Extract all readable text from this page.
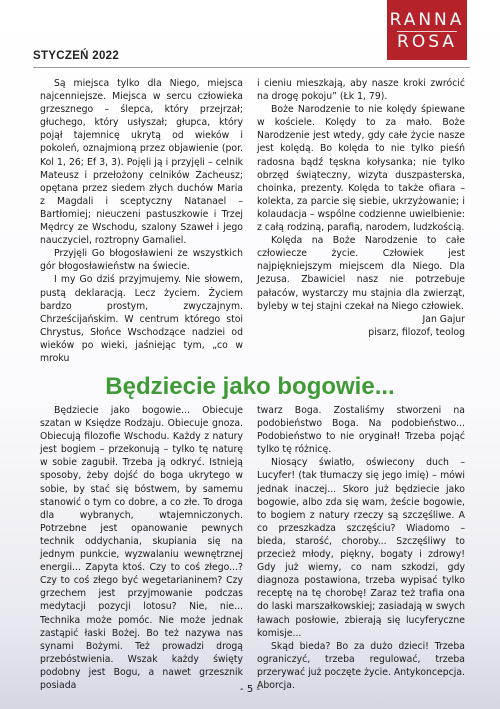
RANNA
ROSA
STYCZEŃ 2022

Są miejsca tylko dla Niego, miejsca najcenniejsze. Miejsca w sercu człowieka grzesznego – ślepca, który przejrzał; głuchego, który usłyszał; głupca, który pojął tajemnicę ukrytą od wieków i pokoleń, oznajmioną przez objawienie (por. Kol 1, 26; Ef 3, 3). Pojęli ją i przyjęli – celnik Mateusz i przełożony celników Zacheusz; opętana przez siedem złych duchów Maria z Magdali i sceptyczny Natanael – Bartłomiej; nieuczeni pastuszkowie i Trzej Mędrcy ze Wschodu, szalony Szaweł i jego nauczyciel, roztropny Gamaliel.

Przyjęli Go błogosławieni ze wszystkich gór błogosławieństw na świecie.

I my Go dziś przyjmujemy. Nie słowem, pustą deklaracją. Lecz życiem. Życiem bardzo prostym, zwyczajnym. Chrześcijańskim. W centrum którego stoi Chrystus, Słońce Wschodzące nadziei od wieków po wieki, jaśniejąc tym, „co w mroku

i cieniu mieszkają, aby nasze kroki zwrócić na drogę pokoju” (Łk 1, 79).

Boże Narodzenie to nie kolędy śpiewane w kościele. Kolędy to za mało. Boże Narodzenie jest wtedy, gdy całe życie nasze jest kolędą. Bo kolęda to nie tylko pieśń radosna bądź tęskna kołysanka; nie tylko obrzęd świąteczny, wizyta duszpasterska, choinka, prezenty. Kolęda to także ofiara – kolekta, za parcie się siebie, ukrzyżowanie; i kolaudacja – wspólne codzienne uwielbienie: z całą rodziną, parafią, narodem, ludzkością.

Kolęda na Boże Narodzenie to całe człowiecze życie. Człowiek jest najpiękniejszym miejscem dla Niego. Dla Jezusa. Zbawiciel nasz nie potrzebuje pałaców, wystarczy mu stajnia dla zwierząt, byleby w tej stajni czekał na Niego człowiek.

Jan Gajur
pisarz, filozof, teolog
Będziecie jako bogowie...

Będziecie jako bogowie... Obiecuje szatan w Księdze Rodzaju. Obiecuje gnoza. Obiecują filozofie Wschodu. Każdy z natury jest bogiem – przekonują – tylko tę naturę w sobie zagubił. Trzeba ją odkryć. Istnieją sposoby, żeby dojść do boga ukrytego w sobie, by stać się bóstwem, by samemu stanowić o tym co dobre, a co złe. To droga dla wybranych, wtajemniczonych. Potrzebne jest opanowanie pewnych technik oddychania, skupiania się na jednym punkcie, wyzwalaniu wewnętrznej energii... Zapyta ktoś. Czy to coś złego...? Czy to coś złego być wegetarianinem? Czy grzechem jest przyjmowanie podczas medytacji pozycji lotosu? Nie, nie... Technika może pomóc. Nie może jednak zastąpić łaski Bożej. Bo też nazywa nas synami Bożymi. Też prowadzi drogą przebóstwienia. Wszak każdy święty podobny jest Bogu, a nawet grzesznik posiada

twarz Boga. Zostaliśmy stworzeni na podobieństwo Boga. Na podobieństwo... Podobieństwo to nie oryginał! Trzeba pojąć tylko tę różnicę.

Niosący światło, oświecony duch – Lucyfer! (tak tłumaczy się jego imię) – mówi jednak inaczej... Skoro już będziecie jako bogowie, albo zda się wam, żeście bogowie, to bogiem z natury rzeczy są szczęśliwe. A co przeszkadza szczęściu? Wiadomo – bieda, starość, choroby... Szczęśliwy to przecież młody, piękny, bogaty i zdrowy! Gdy już wiemy, co nam szkodzi, gdy diagnoza postawiona, trzeba wypisać tylko receptę na tę chorobę! Zaraz też trafia ona do laski marszałkowskiej; zasiadają w swych ławach posłowie, zbierają się lucyferyczne komisje...

Skąd bieda? Bo za dużo dzieci! Trzeba ograniczyć, trzeba regulować, trzeba przerywać już poczęte życie. Antykoncepcja. Aborcja.

- 5 -
